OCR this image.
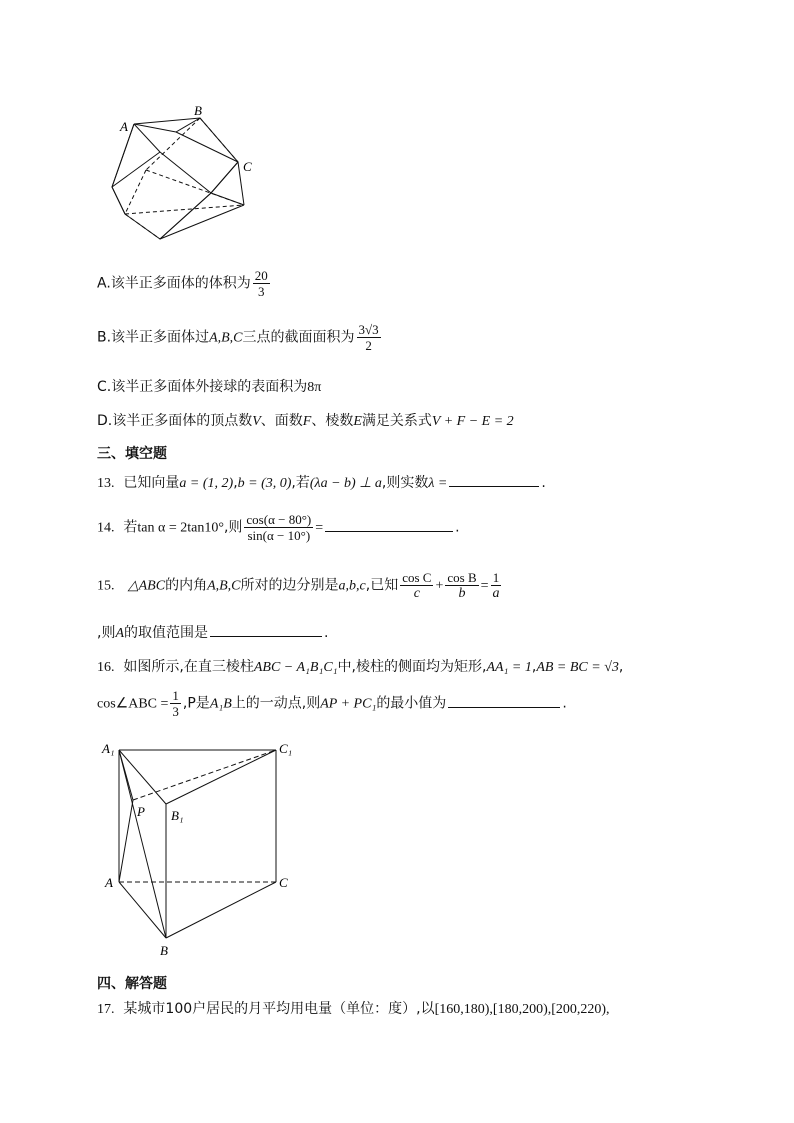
A
B
C
A.该半正多面体的体积为 $\frac{20}{3}$
B.该半正多面体过A,B,C三点的截面面积为 $\frac{3√3}{2}$
C.该半正多面体外接球的表面积为8π
D.该半正多面体的顶点数V、面数F、棱数E满足关系式V + F − E = 2
三、填空题
13. 已知向量a = (1, 2),b = (3, 0),若(λa − b) ⊥ a,则实数λ =	.
14. 若tan α = 2tan10°,则 $\frac{\cos(\alpha - 80^\circ)}{\sin(\alpha - 10^\circ)}$ =	.
15. △ABC的内角A,B,C所对的边分别是a,b,c,已知 $\frac{\text{cos C}}{c} + \frac{\text{cos B}}{b} = \frac{1}{a}$
,则A的取值范围是	.
16. 如图所示,在直三棱柱ABC − A₁B₁C₁中,棱柱的侧面均为矩形,AA₁ = 1,AB = BC = √3,
cos∠ABC = $\frac{1}{3} ,P$是A₁B上的一动点,则AP + PC₁的最小值为	.
A₁	C₁
P B₁
A	C
B
四、解答题
17. 某城市100户居民的月平均用电量（单位：度）,以[160,180),[180,200),[200,220),
